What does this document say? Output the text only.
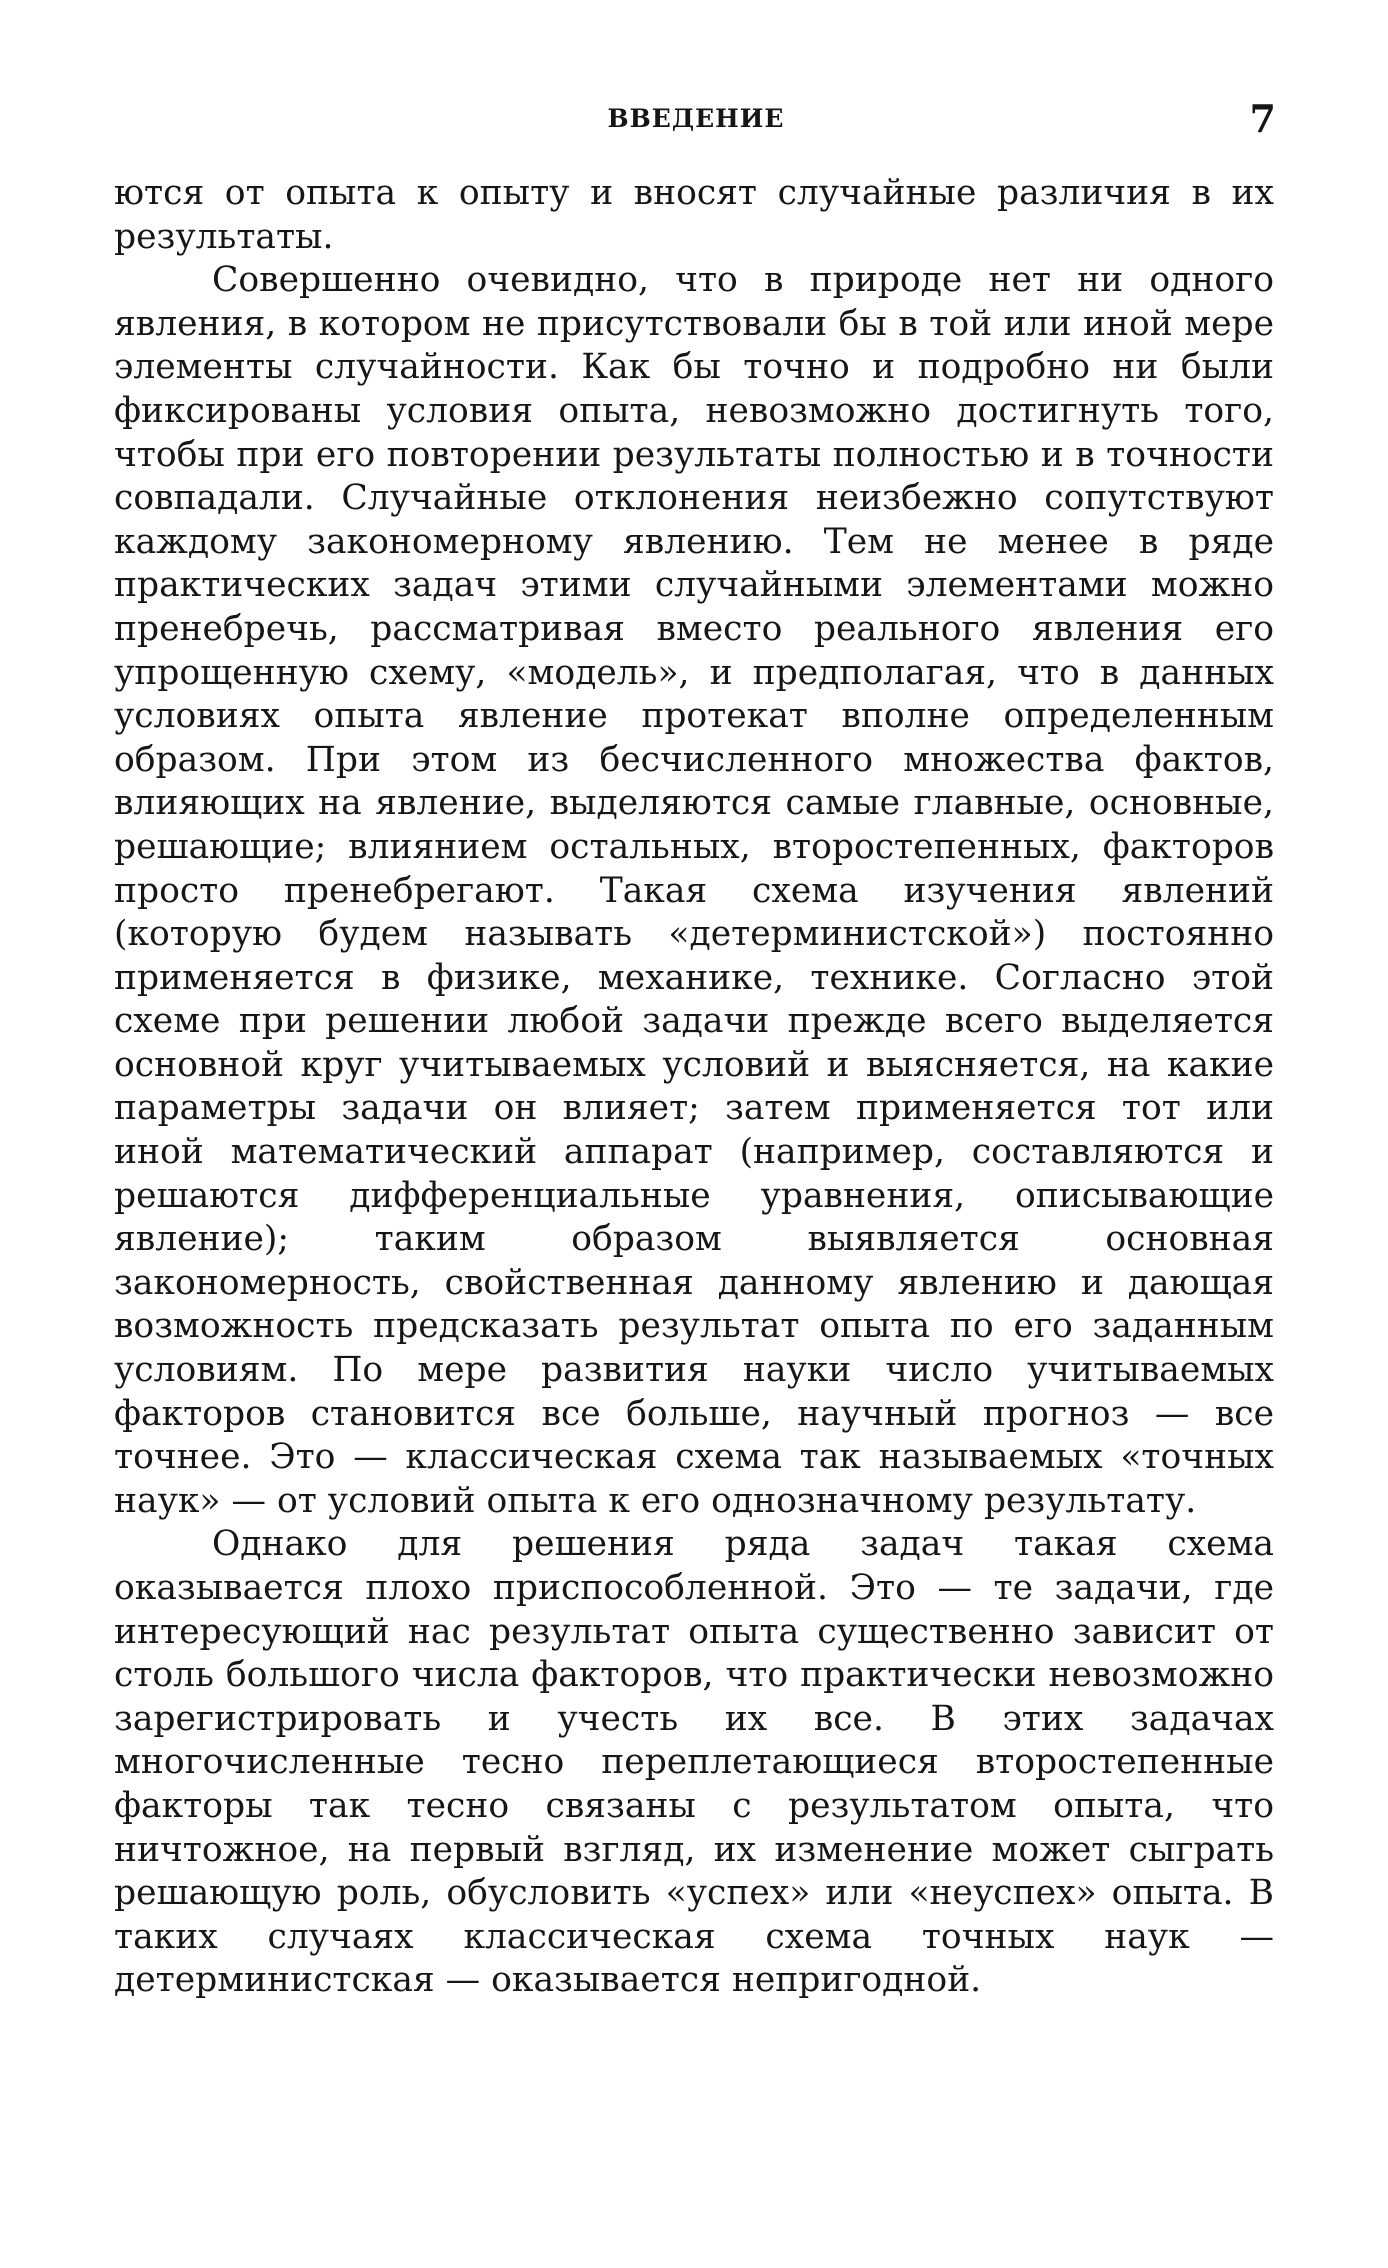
ВВЕДЕНИЕ	7

ются от опыта к опыту и вносят случайные различия в их результаты.

Совершенно очевидно, что в природе нет ни одного явления, в котором не присутствовали бы в той или иной мере элементы случайности. Как бы точно и подробно ни были фиксированы условия опыта, невозможно достигнуть того, чтобы при его повторении результаты полностью и в точности совпадали. Случайные отклонения неизбежно сопутствуют каждому закономерному явлению. Тем не менее в ряде практических задач этими случайными элементами можно пренебречь, рассматривая вместо реального явления его упрощенную схему, «модель», и предполагая, что в данных условиях опыта явление протекат вполне определенным образом. При этом из бесчисленного множества фактов, влияющих на явление, выделяются самые главные, основные, решающие; влиянием остальных, второстепенных, факторов просто пренебрегают. Такая схема изучения явлений (которую будем называть «детерминистской») постоянно применяется в физике, механике, технике. Согласно этой схеме при решении любой задачи прежде всего выделяется основной круг учитываемых условий и выясняется, на какие параметры задачи он влияет; затем применяется тот или иной математический аппарат (например, составляются и решаются дифференциальные уравнения, описывающие явление); таким образом выявляется основная закономерность, свойственная данному явлению и дающая возможность предсказать результат опыта по его заданным условиям. По мере развития науки число учитываемых факторов становится все больше, научный прогноз — все точнее. Это — классическая схема так называемых «точных наук» — от условий опыта к его однозначному результату.

Однако для решения ряда задач такая схема оказывается плохо приспособленной. Это — те задачи, где интересующий нас результат опыта существенно зависит от столь большого числа факторов, что практически невозможно зарегистрировать и учесть их все. В этих задачах многочисленные тесно переплетающиеся второстепенные факторы так тесно связаны с результатом опыта, что ничтожное, на первый взгляд, их изменение может сыграть решающую роль, обусловить «успех» или «неуспех» опыта. В таких случаях классическая схема точных наук — детерминистская — оказывается непригодной.
